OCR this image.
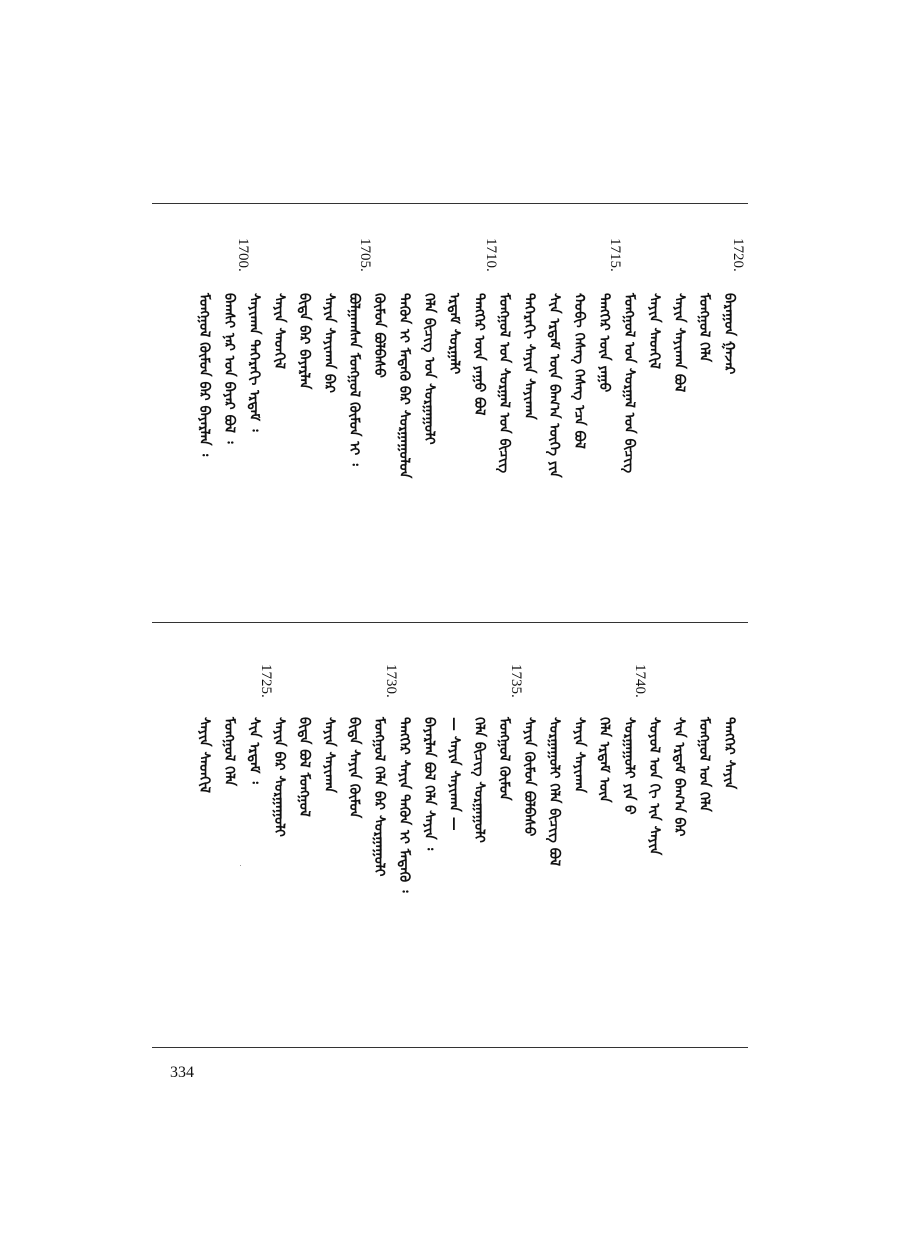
1720.
1715.
1710.
1705.
1700.
ᠪᠠᠷᠠᠭᠤᠨ ᠭᠠᠵᠠᠷ
ᠮᠣᠩᠭᠣᠯ ᠬᠡᠯᠡ
ᠰᠠᠶᠢᠨ ᠰᠠᠶᠢᠬᠠᠨ ᠪᠣᠯ
ᠰᠠᠶᠢᠨ ᠰᠡᠳᠬᠢᠯ
ᠮᠣᠩᠭᠣᠯ ᠤᠨ ᠰᠤᠷᠭᠠᠯ ᠤᠨ ᠪᠢᠴᠢᠭ
ᠲᠡᠩᠭᠡᠷ ᠦᠨ ᠶᠠᠭᠤ
ᠬᠤᠪᠢ ᠬᠡᠰᠡᠭ ᠬᠡᠰᠡᠭ ᠡᠴᠡ ᠪᠣᠯ
ᠰᠢᠨ ᠡᠷᠳᠡᠮ ᠦᠨ ᠪᠠᠭ᠎ᠠ ᠦᠭᠡ ᠶᠢᠨ
ᠳᠡᠭᠡᠷᠡᠬᠢ ᠰᠠᠶᠢᠨ ᠰᠠᠶᠢᠬᠠᠨ
ᠮᠣᠩᠭᠣᠯ ᠤᠨ ᠰᠤᠷᠭᠠᠯ ᠤᠨ ᠪᠢᠴᠢᠭ
ᠲᠡᠩᠭᠡᠷ ᠦᠨ ᠶᠠᠭᠤ ᠪᠣᠯ
ᠡᠷᠳᠡᠮ ᠰᠤᠷᠭᠠᠯᠢ
ᠬᠡᠯᠡ ᠪᠢᠴᠢᠭ ᠤᠨ ᠰᠤᠷᠭᠠᠭᠤᠯᠢ
ᠲᠡᠭᠦᠨ ᠢ ᠮᠡᠳᠡᠬᠦ ᠪᠠᠷ ᠰᠤᠷᠭᠠᠭᠤᠯᠤᠨ
ᠬᠦᠮᠦᠨ ᠪᠣᠯᠪᠠᠰᠤ
ᠪᠣᠯᠭᠠᠭᠰᠠᠨ ᠮᠣᠩᠭᠣᠯ ᠬᠦᠮᠦᠨ ᠢ ᠄
ᠰᠠᠶᠢᠨ ᠰᠠᠶᠢᠬᠠᠨ ᠪᠠᠷ
ᠪᠢᠳᠡ ᠪᠡᠷ ᠪᠠᠶᠠᠷᠯᠠᠨ
ᠰᠠᠶᠢᠨ ᠰᠡᠳᠬᠢᠯ
ᠰᠠᠶᠢᠬᠠᠨ ᠳᠡᠭᠡᠷᠡᠬᠢ ᠡᠷᠳᠡᠮ ᠄
ᠪᠠᠭᠰᠢ ᠨᠠᠷ ᠤᠨ ᠪᠠᠶᠠᠷ ᠪᠣᠯ ᠄
ᠮᠣᠩᠭᠣᠯ ᠬᠦᠮᠦᠨ ᠪᠡᠷ ᠪᠠᠶᠠᠷᠯᠠᠨ ᠄
1740.
1735.
1730.
1725.
ᠲᠡᠩᠭᠡᠷ ᠰᠠᠶᠢᠨ
ᠮᠣᠩᠭᠣᠯ ᠤᠨ ᠬᠡᠯᠡ
ᠰᠢᠨ ᠡᠷᠳᠡᠮ ᠪᠠᠭ᠎ᠠ ᠪᠠᠷ
ᠰᠣᠶᠣᠯ ᠤᠨ ᠬᠢ ᠢᠨ ᠰᠠᠶᠢᠨ
ᠰᠤᠷᠭᠠᠭᠤᠯᠢ ᠶᠢᠨ ᠪ
ᠬᠡᠯᠡ ᠡᠷᠳᠡᠮ ᠦᠨ
ᠰᠠᠶᠢᠨ ᠰᠠᠶᠢᠬᠠᠨ
ᠰᠤᠷᠭᠠᠭᠤᠯᠢ ᠬᠡᠯᠡ ᠪᠢᠴᠢᠭ ᠪᠣᠯ
ᠰᠠᠶᠢᠨ ᠬᠦᠮᠦᠨ ᠪᠣᠯᠪᠠᠰᠤ
ᠮᠣᠩᠭᠣᠯ ᠬᠦᠮᠦᠨ
ᠬᠡᠯᠡ ᠪᠢᠴᠢᠭ ᠰᠤᠷᠭᠠᠭᠤᠯᠢ
— ᠰᠠᠶᠢᠨ ᠰᠠᠶᠢᠬᠠᠨ —
ᠪᠠᠶᠠᠷᠯᠠᠨ ᠪᠣᠯ ᠬᠡᠯᠡ ᠰᠠᠶᠢᠨ ᠄
ᠲᠡᠩᠭᠡᠷ ᠰᠠᠶᠢᠨ ᠲᠡᠭᠦᠨ ᠢ ᠮᠡᠳᠡᠬᠦ ᠄
ᠮᠣᠩᠭᠣᠯ ᠬᠡᠯᠡ ᠪᠠᠷ ᠰᠤᠷᠭᠠᠭᠤᠯᠢ
ᠪᠢᠳᠡ ᠰᠠᠶᠢᠨ ᠬᠦᠮᠦᠨ
ᠰᠠᠶᠢᠨ ᠰᠠᠶᠢᠬᠠᠨ
ᠪᠢᠳᠡ ᠪᠣᠯ ᠮᠣᠩᠭᠣᠯ
ᠰᠠᠶᠢᠨ ᠪᠠᠷ ᠰᠤᠷᠭᠠᠭᠤᠯᠢ
ᠰᠢᠨ ᠡᠷᠳᠡᠮ ᠄
ᠮᠣᠩᠭᠣᠯ ᠬᠡᠯᠡ
ᠰᠠᠶᠢᠨ ᠰᠡᠳᠬᠢᠯ
334
